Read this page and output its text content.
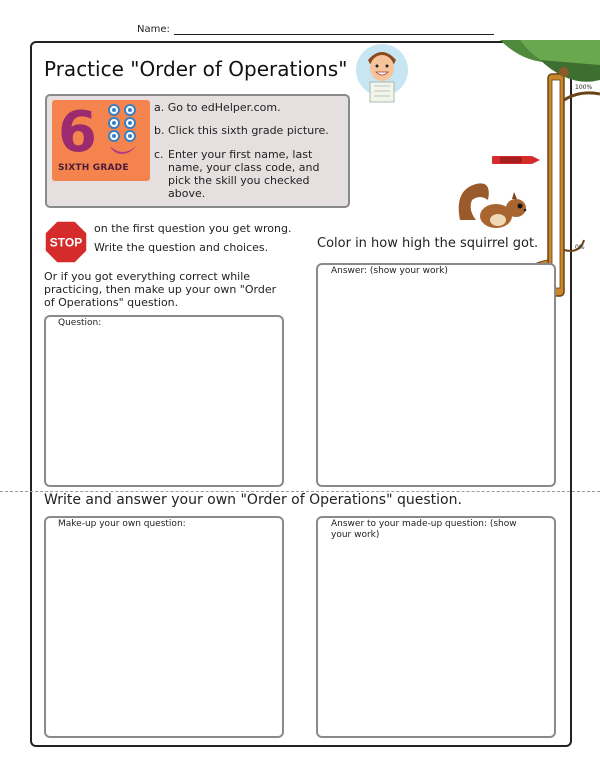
Name:
Practice "Order of Operations"
100%
0%
6
SIXTH GRADE
a. Go to edHelper.com.
b. Click this sixth grade picture.
c. Enter your first name, last name, your class code, and pick the skill you checked above.
STOP
on the first question you get wrong.
Write the question and choices.
Or if you got everything correct while practicing, then make up your own "Order of Operations" question.
Color in how high the squirrel got.
Question:
Answer: (show your work)
Write and answer your own "Order of Operations" question.
Make-up your own question:	Answer to your made-up question: (show your work)
